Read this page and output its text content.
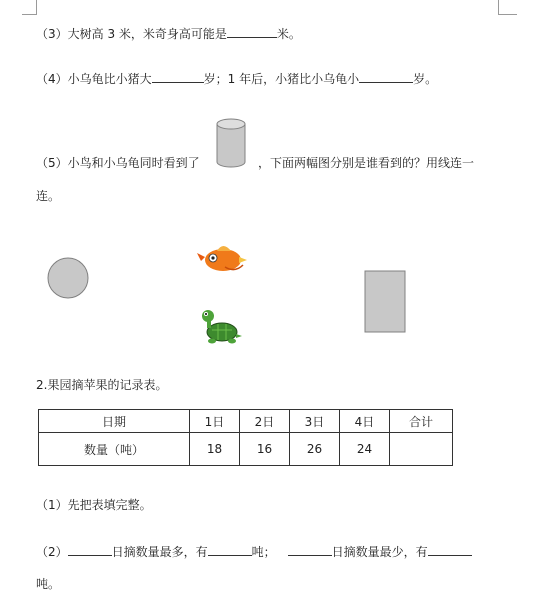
（3）大树高 3 米，米奇身高可能是	米。
（4）小乌龟比小猪大	岁；1 年后，小猪比小乌龟小	岁。
（5）小鸟和小乌龟同时看到了	，下面两幅图分别是谁看到的？用线连一
连。
2.果园摘苹果的记录表。
日期	1日	2日	3日	4日	合计
数量（吨）	18	16	26	24	
（1）先把表填完整。
（2）	日摘数量最多，有	吨；	日摘数量最少，有
吨。
